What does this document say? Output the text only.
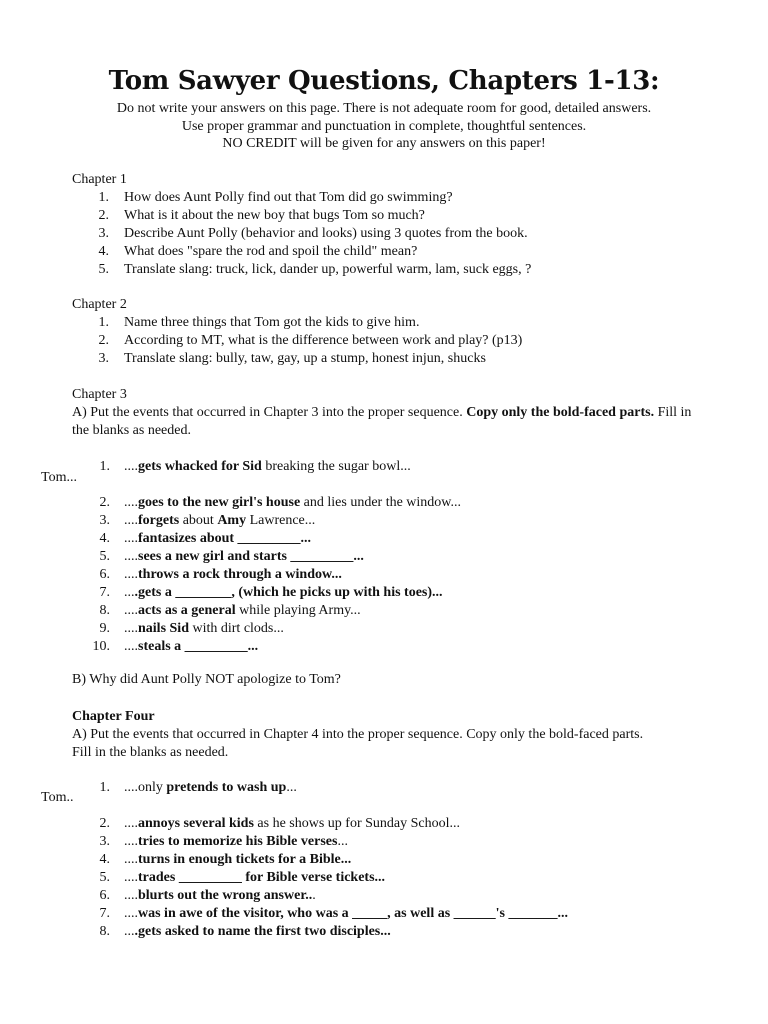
Tom Sawyer Questions, Chapters 1-13:
Do not write your answers on this page. There is not adequate room for good, detailed answers.
Use proper grammar and punctuation in complete, thoughtful sentences.
NO CREDIT will be given for any answers on this paper!
Chapter 1
1. How does Aunt Polly find out that Tom did go swimming?
2. What is it about the new boy that bugs Tom so much?
3. Describe Aunt Polly (behavior and looks) using 3 quotes from the book.
4. What does "spare the rod and spoil the child" mean?
5. Translate slang: truck, lick, dander up, powerful warm, lam, suck eggs, ?
Chapter 2
1. Name three things that Tom got the kids to give him.
2. According to MT, what is the difference between work and play? (p13)
3. Translate slang: bully, taw, gay, up a stump, honest injun, shucks
Chapter 3
A) Put the events that occurred in Chapter 3 into the proper sequence. Copy only the bold-faced parts. Fill in the blanks as needed.
Tom...
1. ....gets whacked for Sid breaking the sugar bowl...
2. ....goes to the new girl's house and lies under the window...
3. ....forgets about Amy Lawrence...
4. ....fantasizes about _________...
5. ....sees a new girl and starts _________...
6. ....throws a rock through a window...
7. ....gets a ________, (which he picks up with his toes)...
8. ....acts as a general while playing Army...
9. ....nails Sid with dirt clods...
10. ....steals a _________...
B) Why did Aunt Polly NOT apologize to Tom?
Chapter Four
A) Put the events that occurred in Chapter 4 into the proper sequence. Copy only the bold-faced parts.
Fill in the blanks as needed.
Tom..
1. ....only pretends to wash up...
2. ....annoys several kids as he shows up for Sunday School...
3. ....tries to memorize his Bible verses...
4. ....turns in enough tickets for a Bible...
5. ....trades _________ for Bible verse tickets...
6. ....blurts out the wrong answer...
7. ....was in awe of the visitor, who was a _____, as well as ______'s _______...
8. ....gets asked to name the first two disciples...
